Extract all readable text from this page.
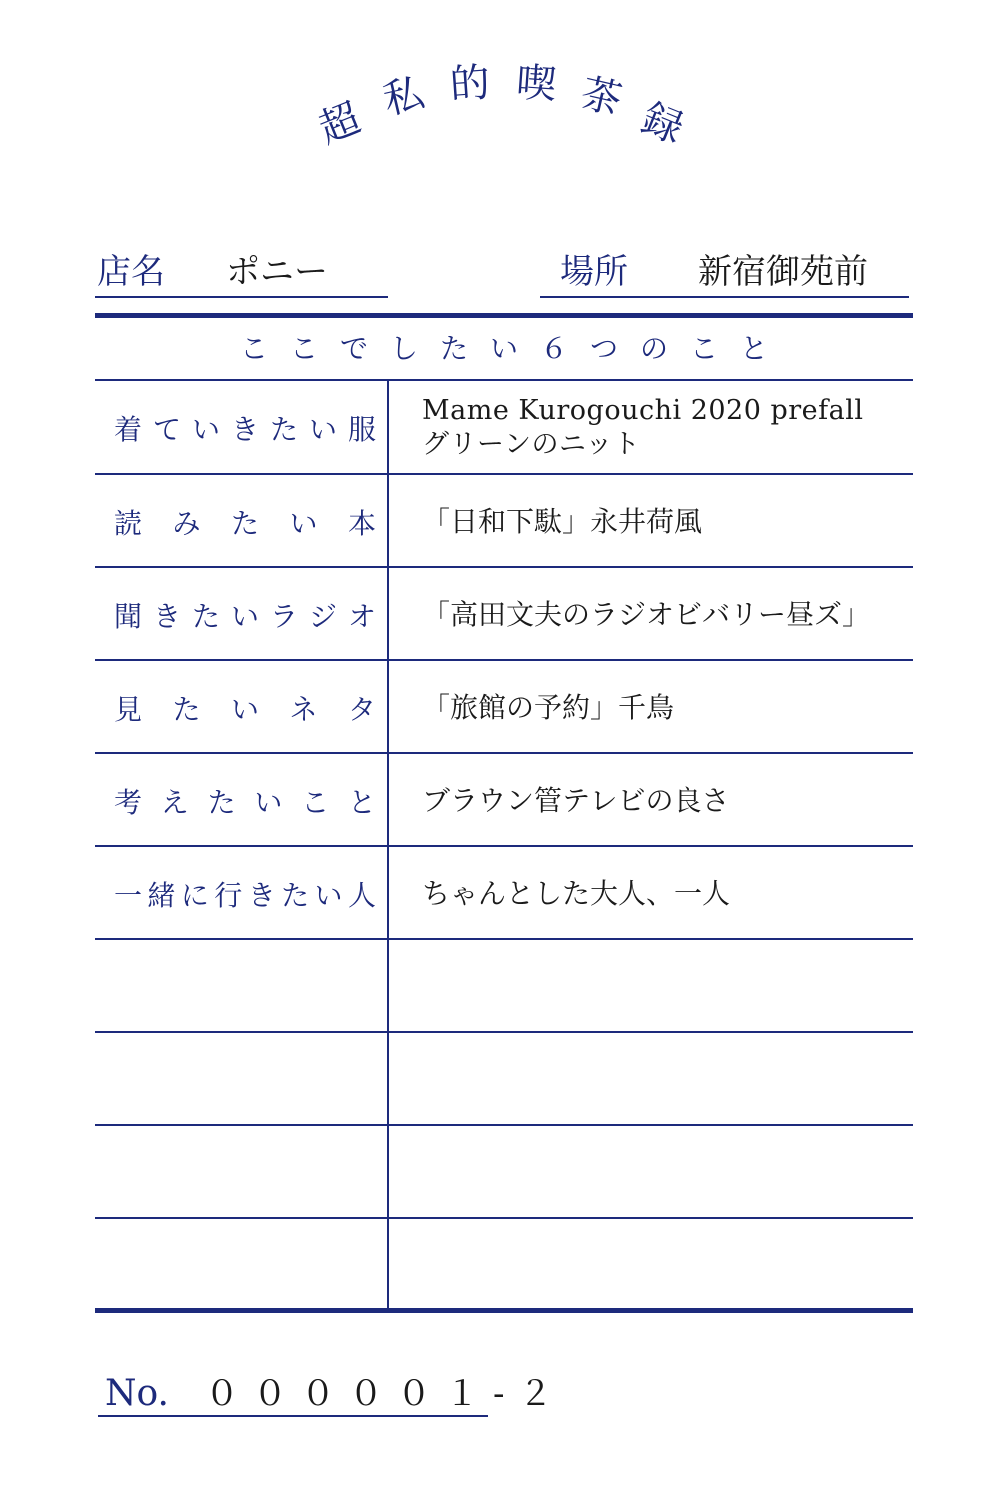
超 私 的 喫 茶 録
店名 ポニー	場所 新宿御苑前
ここでしたい６つのこと
着ていきたい服
Mame Kurogouchi 2020 prefall
グリーンのニット
読みたい本 「日和下駄」永井荷風
聞きたいラジオ 「高田文夫のラジオビバリー昼ズ」
見たいネタ 「旅館の予約」千鳥
考えたいこと ブラウン管テレビの良さ
一緒に行きたい人 ちゃんとした大人、一人
No. ０００００１-２
